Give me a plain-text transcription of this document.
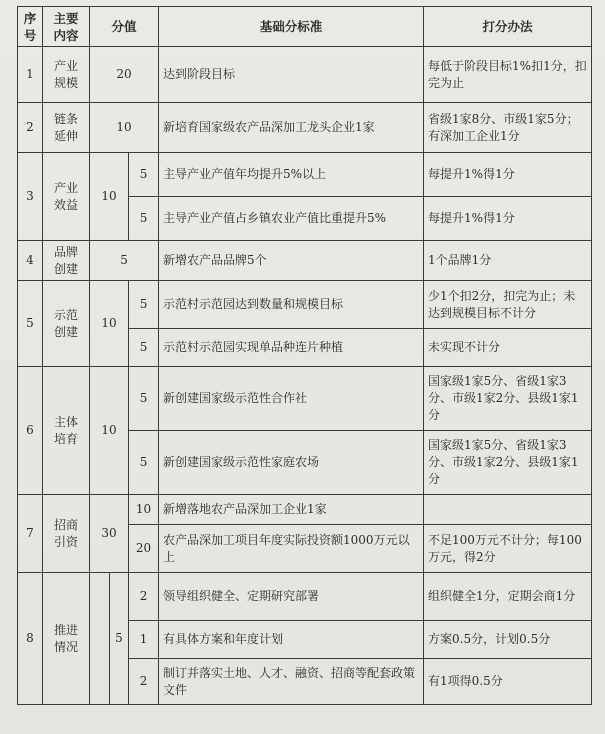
序号	主要内容	分值			基础分标准	打分办法
1	产业规模	20			达到阶段目标	每低于阶段目标1%扣1分，扣完为止
2	链条延伸	10			新培育国家级农产品深加工龙头企业1家	省级1家8分、市级1家5分；有深加工企业1分
3	产业效益	10		5	主导产业产值年均提升5%以上	每提升1%得1分
				5	主导产业产值占乡镇农业产值比重提升5%	每提升1%得1分
4	品牌创建	5			新增农产品品牌5个	1个品牌1分
5	示范创建	10		5	示范村示范园达到数量和规模目标	少1个扣2分，扣完为止；未达到规模目标不计分
				5	示范村示范园实现单品种连片种植	未实现不计分
6	主体培育	10		5	新创建国家级示范性合作社	国家级1家5分、省级1家3分、市级1家2分、县级1家1分
				5	新创建国家级示范性家庭农场	国家级1家5分、省级1家3分、市级1家2分、县级1家1分
7	招商引资	30		10	新增落地农产品深加工企业1家	
				20	农产品深加工项目年度实际投资额1000万元以上	不足100万元不计分；每100万元，得2分
8	推进情况		5	2	领导组织健全、定期研究部署	组织健全1分，定期会商1分
				1	有具体方案和年度计划	方案0.5分，计划0.5分
				2	制订并落实土地、人才、融资、招商等配套政策文件	有1项得0.5分
